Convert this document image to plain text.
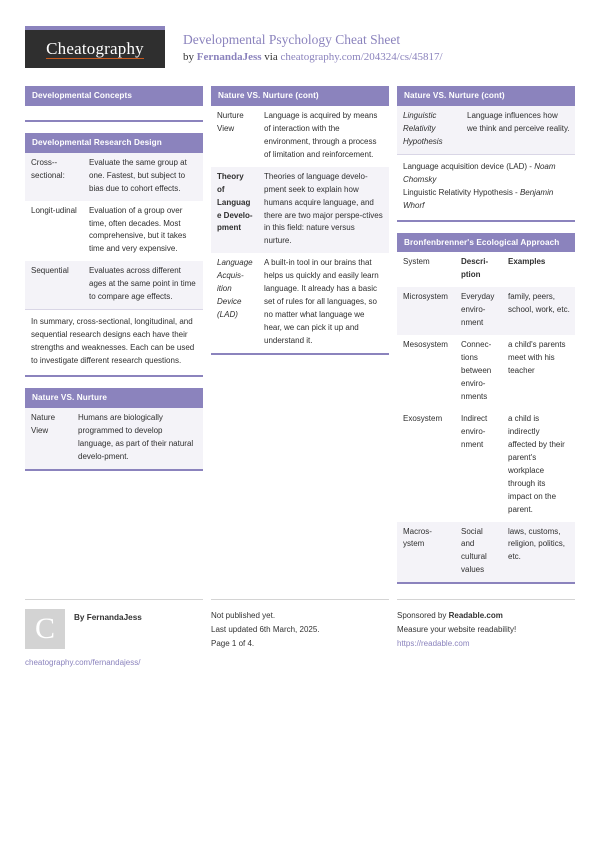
Cheatography	Developmental Psychology Cheat Sheet
by FernandaJess via cheatography.com/204324/cs/45817/
Developmental Concepts
Developmental Research Design
Cross--sectional:	Evaluate the same group at one. Fastest, but subject to bias due to cohort effects.
Longit-udinal	Evaluation of a group over time, often decades. Most comprehensive, but it takes time and very expensive.
Sequential	Evaluates across different ages at the same point in time to compare age effects.
In summary, cross-sectional, longitudinal, and sequential research designs each have their strengths and weaknesses. Each can be used to investigate different research questions.
Nature VS. Nurture
Nature View	Humans are biologically programmed to develop language, as part of their natural develo-pment.
Nature VS. Nurture (cont)
Nurture View	Language is acquired by means of interaction with the environment, through a process of limitation and reinforcement.
Theory of Language Develo-pment	Theories of language develo-pment seek to explain how humans acquire language, and there are two major perspe-ctives in this field: nature versus nurture.
Language Acquis-ition Device (LAD)	A built-in tool in our brains that helps us quickly and easily learn language. It already has a basic set of rules for all languages, so no matter what language we hear, we can pick it up and understand it.
Nature VS. Nurture (cont)
Linguistic Relativity Hypothesis	Language influences how we think and perceive reality.
Language acquisition device (LAD) - Noam Chomsky
Linguistic Relativity Hypothesis - Benjamin Whorf
Bronfenbrenner's Ecological Approach
System	Descri-ption	Examples
Microsystem	Everyday enviro-nment	family, peers, school, work, etc.
Mesosystem	Connec-tions between enviro-nments	a child's parents meet with his teacher
Exosystem	Indirect enviro-nment	a child is indirectly affected by their parent's workplace through its impact on the parent.
Macros-ystem	Social and cultural values	laws, customs, religion, politics, etc.
C	By FernandaJess
cheatography.com/fernandajess/
Not published yet.
Last updated 6th March, 2025.
Page 1 of 4.
Sponsored by Readable.com
Measure your website readability!
https://readable.com
